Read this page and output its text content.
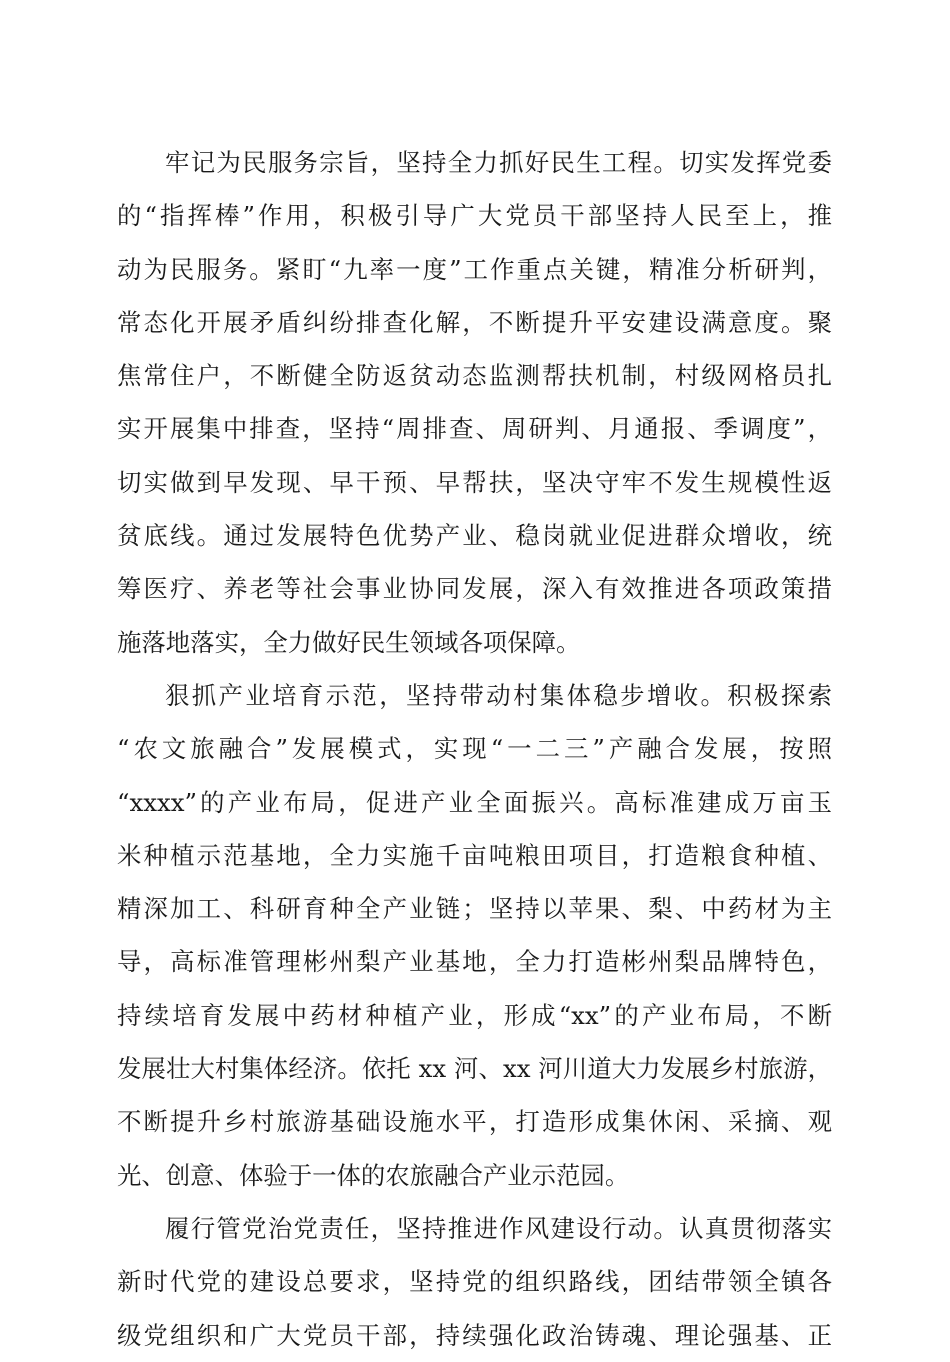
牢记为民服务宗旨，坚持全力抓好民生工程。切实发挥党委
的“指挥棒”作用，积极引导广大党员干部坚持人民至上，推
动为民服务。紧盯“九率一度”工作重点关键，精准分析研判，
常态化开展矛盾纠纷排查化解，不断提升平安建设满意度。聚
焦常住户，不断健全防返贫动态监测帮扶机制，村级网格员扎
实开展集中排查，坚持“周排查、周研判、月通报、季调度”，
切实做到早发现、早干预、早帮扶，坚决守牢不发生规模性返
贫底线。通过发展特色优势产业、稳岗就业促进群众增收，统
筹医疗、养老等社会事业协同发展，深入有效推进各项政策措
施落地落实，全力做好民生领域各项保障。
狠抓产业培育示范，坚持带动村集体稳步增收。积极探索
“农文旅融合”发展模式，实现“一二三”产融合发展，按照
“xxxx”的产业布局，促进产业全面振兴。高标准建成万亩玉
米种植示范基地，全力实施千亩吨粮田项目，打造粮食种植、
精深加工、科研育种全产业链；坚持以苹果、梨、中药材为主
导，高标准管理彬州梨产业基地，全力打造彬州梨品牌特色，
持续培育发展中药材种植产业，形成“xx”的产业布局，不断
发展壮大村集体经济。依托 xx 河、xx 河川道大力发展乡村旅游，
不断提升乡村旅游基础设施水平，打造形成集休闲、采摘、观
光、创意、体验于一体的农旅融合产业示范园。
履行管党治党责任，坚持推进作风建设行动。认真贯彻落实
新时代党的建设总要求，坚持党的组织路线，团结带领全镇各
级党组织和广大党员干部，持续强化政治铸魂、理论强基、正
